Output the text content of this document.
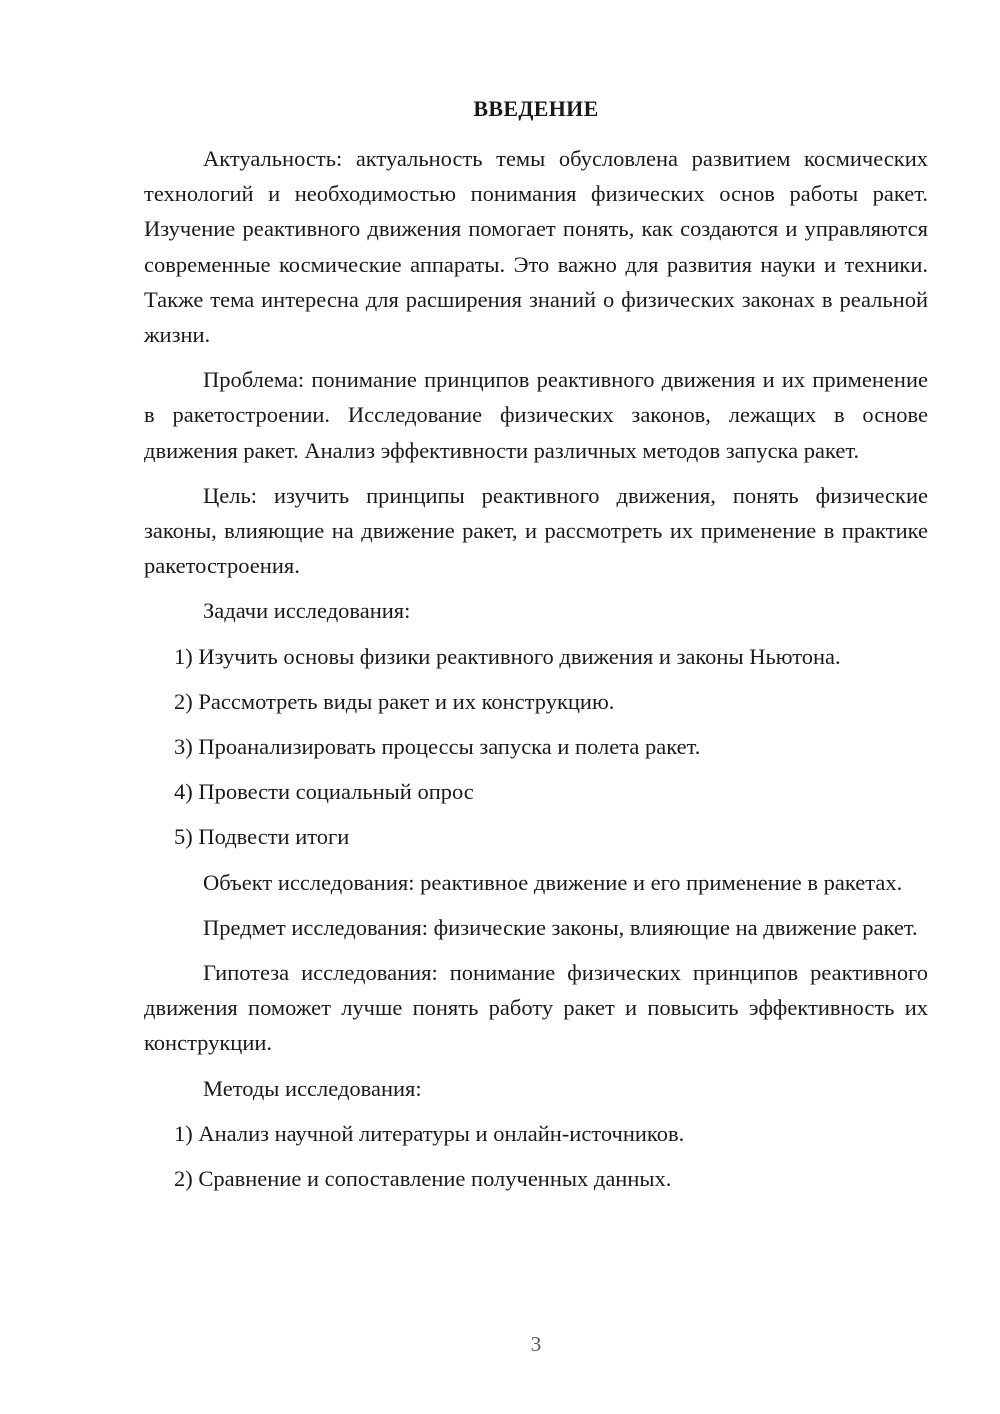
ВВЕДЕНИЕ

Актуальность: актуальность темы обусловлена развитием космических технологий и необходимостью понимания физических основ работы ракет. Изучение реактивного движения помогает понять, как создаются и управляются современные космические аппараты. Это важно для развития науки и техники. Также тема интересна для расширения знаний о физических законах в реальной жизни.

Проблема: понимание принципов реактивного движения и их применение в ракетостроении. Исследование физических законов, лежащих в основе движения ракет. Анализ эффективности различных методов запуска ракет.

Цель: изучить принципы реактивного движения, понять физические законы, влияющие на движение ракет, и рассмотреть их применение в практике ракетостроения.

Задачи исследования:

1) Изучить основы физики реактивного движения и законы Ньютона.

2) Рассмотреть виды ракет и их конструкцию.

3) Проанализировать процессы запуска и полета ракет.

4) Провести социальный опрос

5) Подвести итоги

Объект исследования: реактивное движение и его применение в ракетах.

Предмет исследования: физические законы, влияющие на движение ракет.

Гипотеза исследования: понимание физических принципов реактивного движения поможет лучше понять работу ракет и повысить эффективность их конструкции.

Методы исследования:

1) Анализ научной литературы и онлайн-источников.

2) Сравнение и сопоставление полученных данных.

3
